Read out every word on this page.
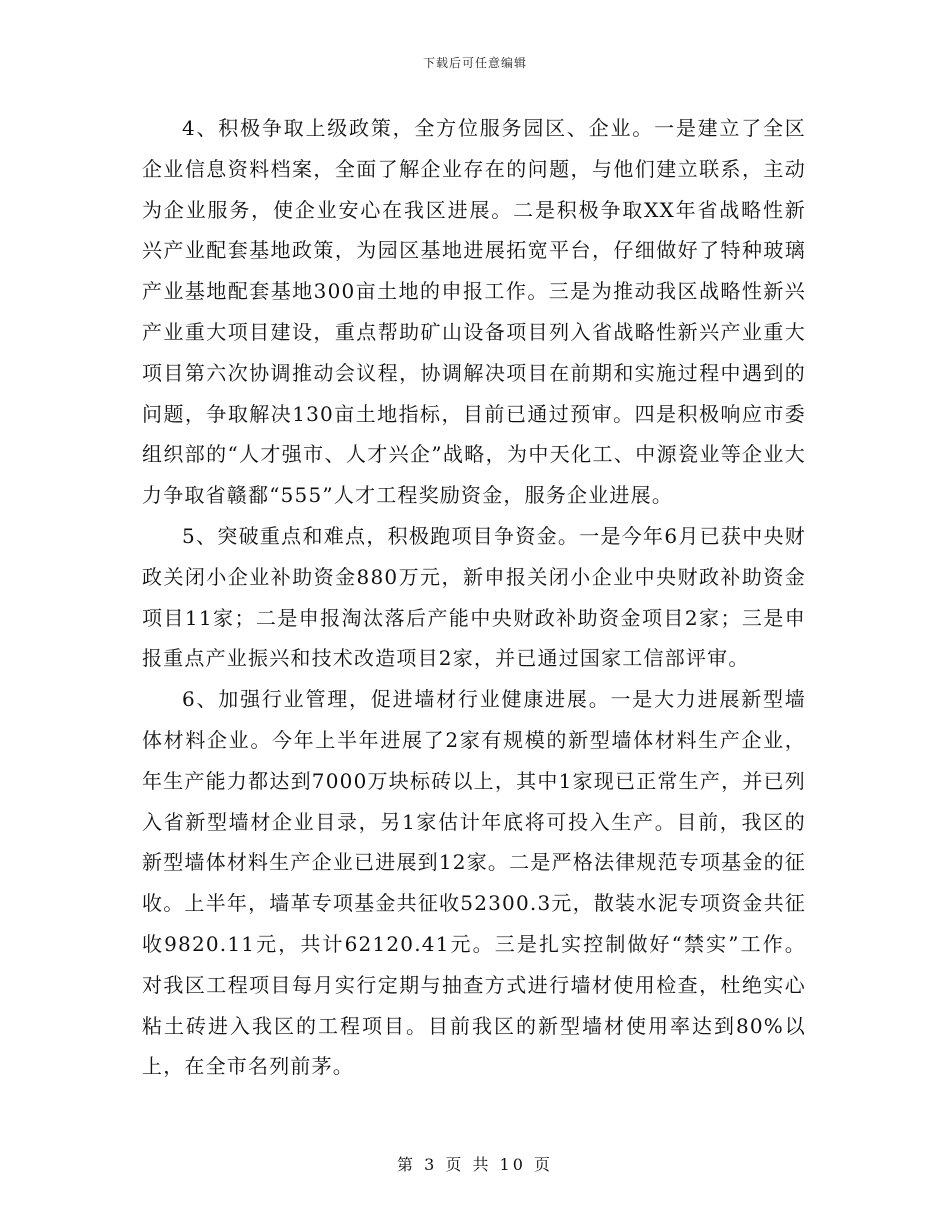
下载后可任意编辑

4、积极争取上级政策，全方位服务园区、企业。一是建立了全区企业信息资料档案，全面了解企业存在的问题，与他们建立联系，主动为企业服务，使企业安心在我区进展。二是积极争取XX年省战略性新兴产业配套基地政策，为园区基地进展拓宽平台，仔细做好了特种玻璃产业基地配套基地300亩土地的申报工作。三是为推动我区战略性新兴产业重大项目建设，重点帮助矿山设备项目列入省战略性新兴产业重大项目第六次协调推动会议程，协调解决项目在前期和实施过程中遇到的问题，争取解决130亩土地指标，目前已通过预审。四是积极响应市委组织部的“人才强市、人才兴企”战略，为中天化工、中源瓷业等企业大力争取省赣鄱“555”人才工程奖励资金，服务企业进展。

5、突破重点和难点，积极跑项目争资金。一是今年6月已获中央财政关闭小企业补助资金880万元，新申报关闭小企业中央财政补助资金项目11家；二是申报淘汰落后产能中央财政补助资金项目2家；三是申报重点产业振兴和技术改造项目2家，并已通过国家工信部评审。

6、加强行业管理，促进墙材行业健康进展。一是大力进展新型墙体材料企业。今年上半年进展了2家有规模的新型墙体材料生产企业，年生产能力都达到7000万块标砖以上，其中1家现已正常生产，并已列入省新型墙材企业目录，另1家估计年底将可投入生产。目前，我区的新型墙体材料生产企业已进展到12家。二是严格法律规范专项基金的征收。上半年，墙革专项基金共征收52300.3元，散装水泥专项资金共征收9820.11元，共计62120.41元。三是扎实控制做好“禁实”工作。对我区工程项目每月实行定期与抽查方式进行墙材使用检查，杜绝实心粘土砖进入我区的工程项目。目前我区的新型墙材使用率达到80%以上，在全市名列前茅。

第 3 页 共 10 页
